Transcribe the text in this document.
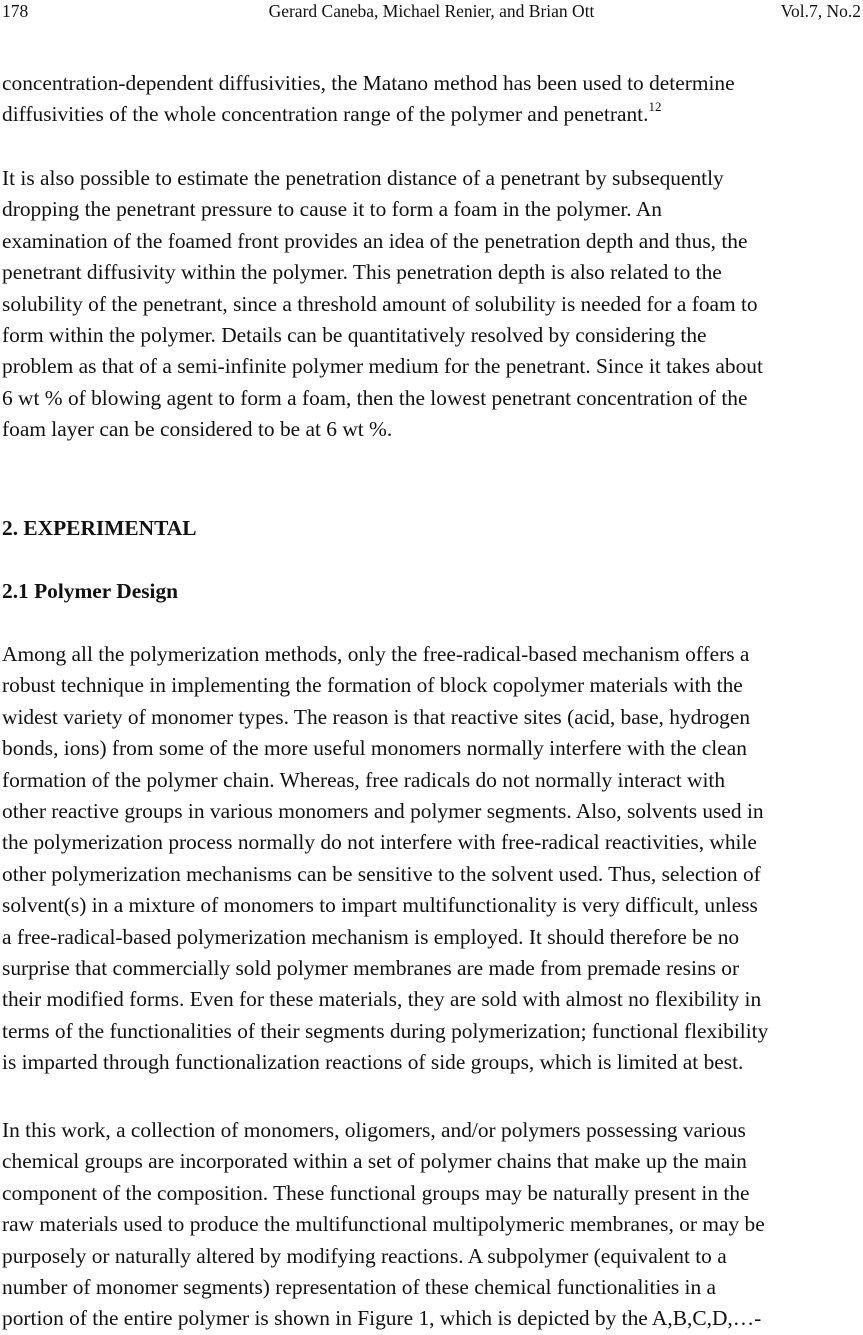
178	Gerard Caneba, Michael Renier, and Brian Ott	Vol.7, No.2
concentration-dependent diffusivities, the Matano method has been used to determine
diffusivities of the whole concentration range of the polymer and penetrant.$^{12}$
It is also possible to estimate the penetration distance of a penetrant by subsequently
dropping the penetrant pressure to cause it to form a foam in the polymer. An
examination of the foamed front provides an idea of the penetration depth and thus, the
penetrant diffusivity within the polymer. This penetration depth is also related to the
solubility of the penetrant, since a threshold amount of solubility is needed for a foam to
form within the polymer. Details can be quantitatively resolved by considering the
problem as that of a semi-infinite polymer medium for the penetrant. Since it takes about
6 wt % of blowing agent to form a foam, then the lowest penetrant concentration of the
foam layer can be considered to be at 6 wt %.
2. EXPERIMENTAL
2.1 Polymer Design
Among all the polymerization methods, only the free-radical-based mechanism offers a
robust technique in implementing the formation of block copolymer materials with the
widest variety of monomer types. The reason is that reactive sites (acid, base, hydrogen
bonds, ions) from some of the more useful monomers normally interfere with the clean
formation of the polymer chain. Whereas, free radicals do not normally interact with
other reactive groups in various monomers and polymer segments. Also, solvents used in
the polymerization process normally do not interfere with free-radical reactivities, while
other polymerization mechanisms can be sensitive to the solvent used. Thus, selection of
solvent(s) in a mixture of monomers to impart multifunctionality is very difficult, unless
a free-radical-based polymerization mechanism is employed. It should therefore be no
surprise that commercially sold polymer membranes are made from premade resins or
their modified forms. Even for these materials, they are sold with almost no flexibility in
terms of the functionalities of their segments during polymerization; functional flexibility
is imparted through functionalization reactions of side groups, which is limited at best.
In this work, a collection of monomers, oligomers, and/or polymers possessing various
chemical groups are incorporated within a set of polymer chains that make up the main
component of the composition. These functional groups may be naturally present in the
raw materials used to produce the multifunctional multipolymeric membranes, or may be
purposely or naturally altered by modifying reactions. A subpolymer (equivalent to a
number of monomer segments) representation of these chemical functionalities in a
portion of the entire polymer is shown in Figure 1, which is depicted by the A,B,C,D,…-
